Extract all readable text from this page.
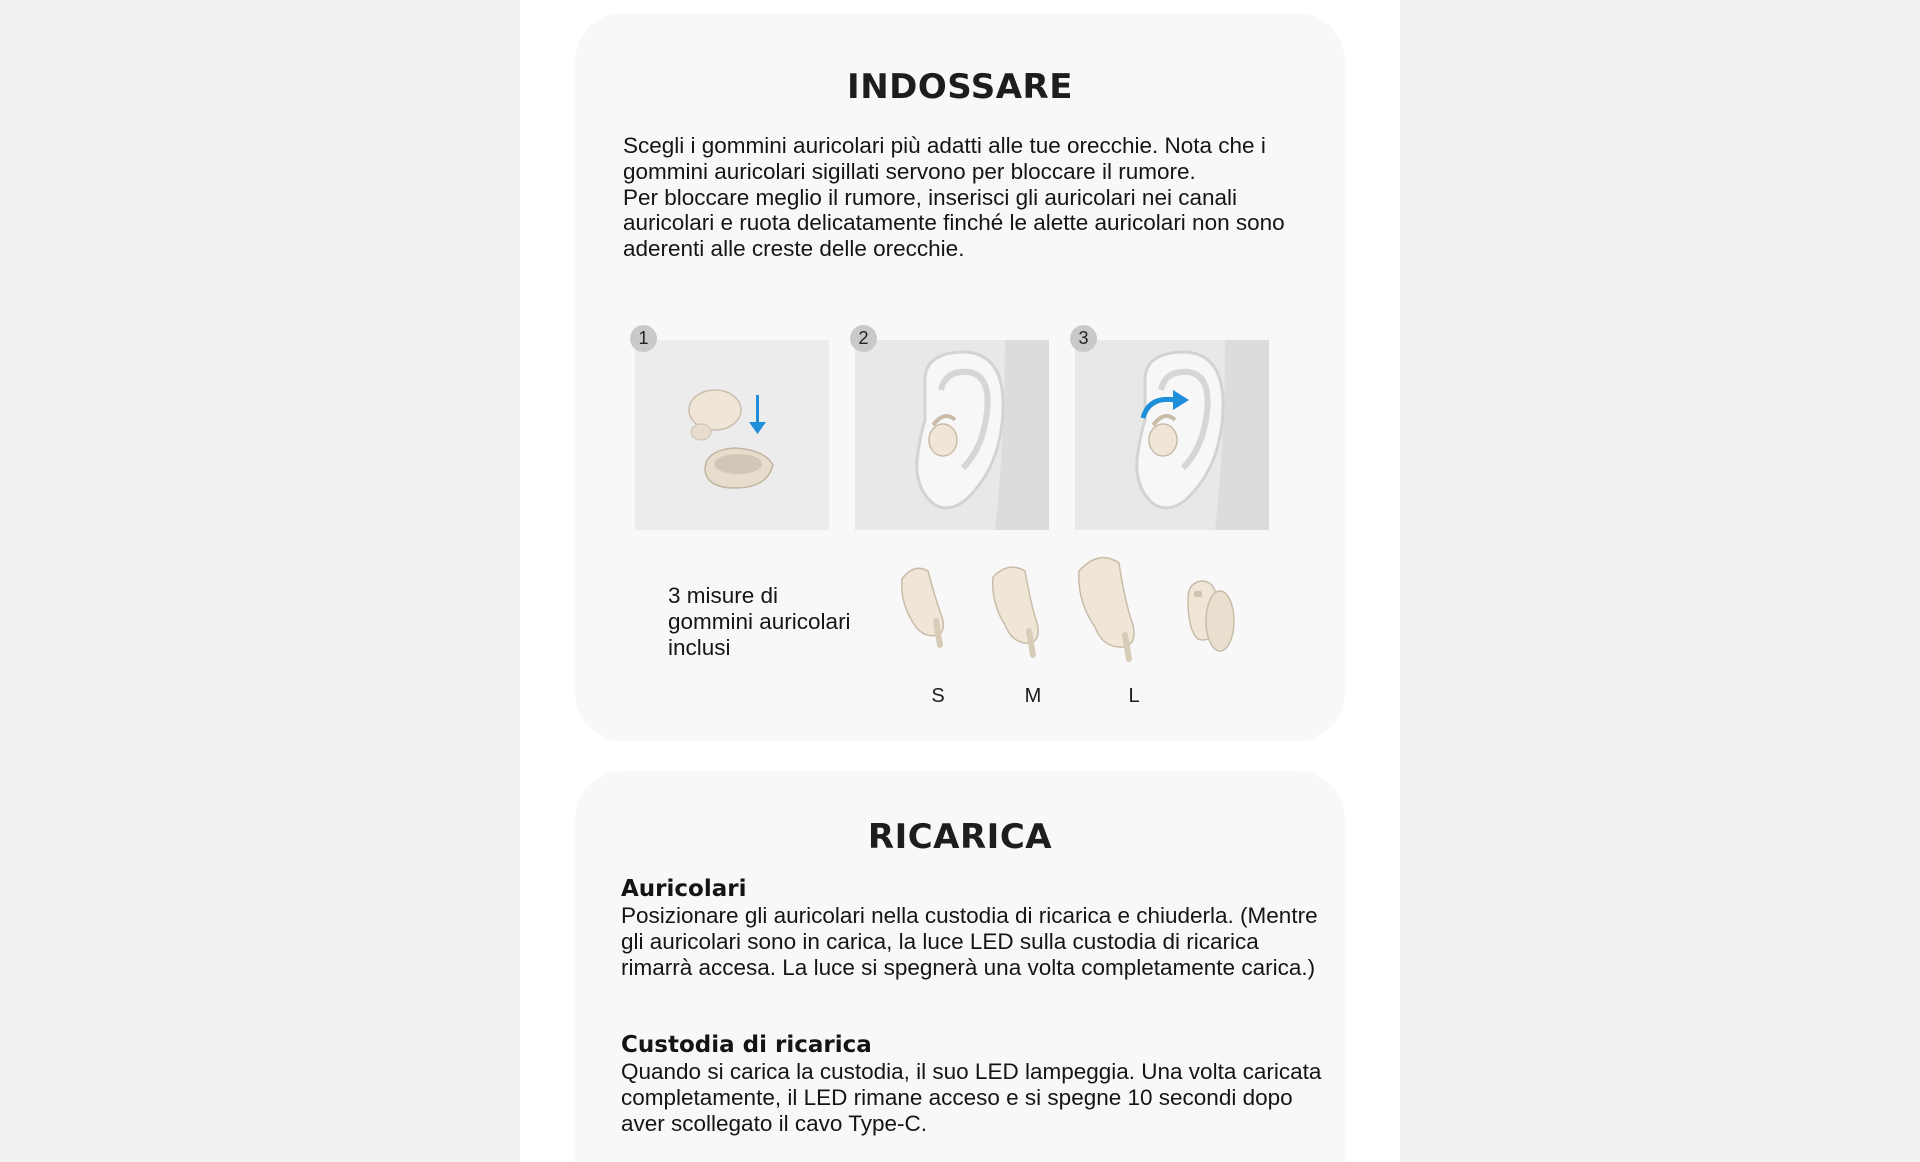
INDOSSARE

Scegli i gommini auricolari più adatti alle tue orecchie. Nota che i gommini auricolari sigillati servono per bloccare il rumore.

Per bloccare meglio il rumore, inserisci gli auricolari nei canali auricolari e ruota delicatamente finché le alette auricolari non sono aderenti alle creste delle orecchie.

1	2	3
3 misure di gommini auricolari inclusi
S	M	L
RICARICA
Auricolari

Posizionare gli auricolari nella custodia di ricarica e chiuderla. (Mentre gli auricolari sono in carica, la luce LED sulla custodia di ricarica rimarrà accesa. La luce si spegnerà una volta completamente carica.)

Custodia di ricarica

Quando si carica la custodia, il suo LED lampeggia. Una volta caricata completamente, il LED rimane acceso e si spegne 10 secondi dopo aver scollegato il cavo Type-C.
